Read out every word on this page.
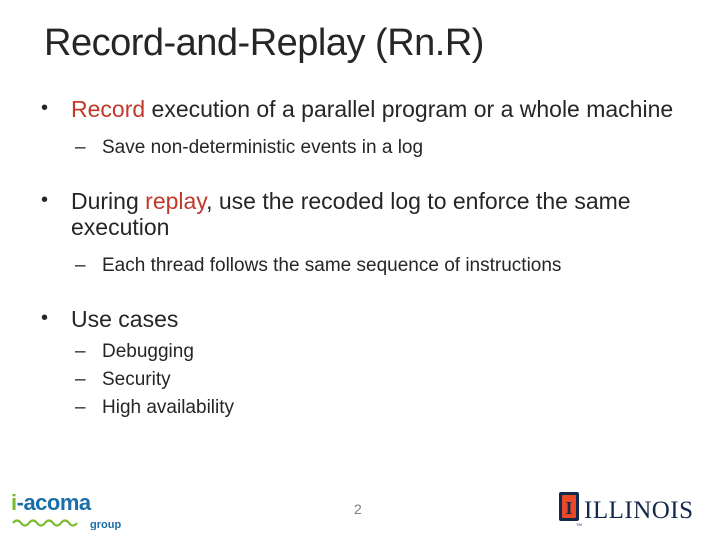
Record-and-Replay (Rn.R)
• Record execution of a parallel program or a whole machine
– Save non-deterministic events in a log
• During replay, use the recoded log to enforce the same execution
– Each thread follows the same sequence of instructions
• Use cases
– Debugging
– Security
– High availability
i-acoma
group
2	I ILLINOIS
TM
